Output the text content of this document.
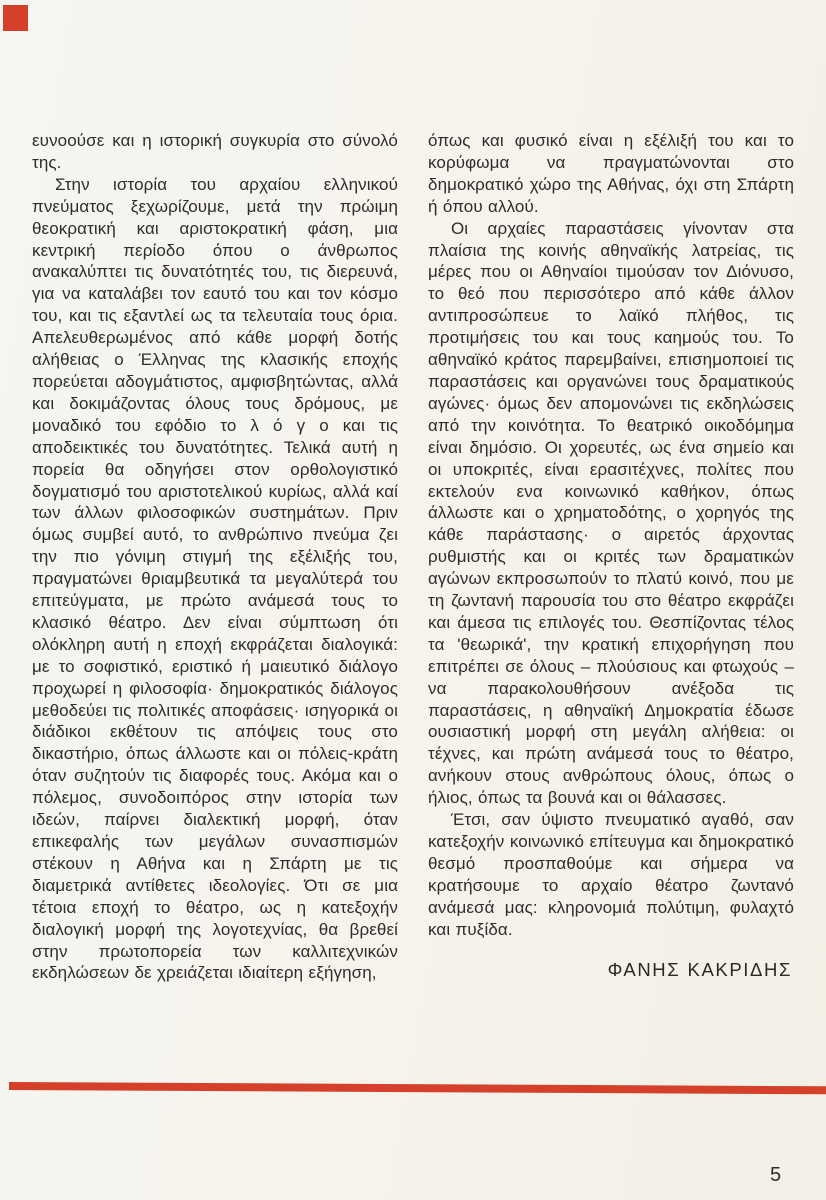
ευνοούσε και η ιστορική συγκυρία στο σύνολό της.

Στην ιστορία του αρχαίου ελληνικού πνεύματος ξεχωρίζουμε, μετά την πρώιμη θεοκρατική και αριστοκρατική φάση, μια κεντρική περίοδο όπου ο άνθρωπος ανακαλύπτει τις δυνατότητές του, τις διερευνά, για να καταλάβει τον εαυτό του και τον κόσμο του, και τις εξαντλεί ως τα τελευταία τους όρια. Απελευθερωμένος από κάθε μορφή δοτής αλήθειας ο Έλληνας της κλασικής εποχής πορεύεται αδογμάτιστος, αμφισβητώντας, αλλά και δοκιμάζοντας όλους τους δρόμους, με μοναδικό του εφόδιο το λ ό γ ο και τις αποδεικτικές του δυνατότητες. Τελικά αυτή η πορεία θα οδηγήσει στον ορθολογιστικό δογματισμό του αριστοτελικού κυρίως, αλλά καί των άλλων φιλοσοφικών συστημάτων. Πριν όμως συμβεί αυτό, το ανθρώπινο πνεύμα ζει την πιο γόνιμη στιγμή της εξέλιξής του, πραγματώνει θριαμβευτικά τα μεγαλύτερά του επιτεύγματα, με πρώτο ανάμεσά τους το κλασικό θέατρο. Δεν είναι σύμπτωση ότι ολόκληρη αυτή η εποχή εκφράζεται διαλογικά: με το σοφιστικό, εριστικό ή μαιευτικό διάλογο προχωρεί η φιλοσοφία· δημοκρατικός διάλογος μεθοδεύει τις πολιτικές αποφάσεις· ισηγορικά οι διάδικοι εκθέτουν τις απόψεις τους στο δικαστήριο, όπως άλλωστε και οι πόλεις-κράτη όταν συζητούν τις διαφορές τους. Ακόμα και ο πόλεμος, συνοδοιπόρος στην ιστορία των ιδεών, παίρνει διαλεκτική μορφή, όταν επικεφαλής των μεγάλων συνασπισμών στέκουν η Αθήνα και η Σπάρτη με τις διαμετρικά αντίθετες ιδεολογίες. Ότι σε μια τέτοια εποχή το θέατρο, ως η κατεξοχήν διαλογική μορφή της λογοτεχνίας, θα βρεθεί στην πρωτοπορεία των καλλιτεχνικών εκδηλώσεων δε χρειάζεται ιδιαίτερη εξήγηση,

όπως και φυσικό είναι η εξέλιξή του και το κορύφωμα να πραγματώνονται στο δημοκρατικό χώρο της Αθήνας, όχι στη Σπάρτη ή όπου αλλού.

Οι αρχαίες παραστάσεις γίνονταν στα πλαίσια της κοινής αθηναϊκής λατρείας, τις μέρες που οι Αθηναίοι τιμούσαν τον Διόνυσο, το θεό που περισσότερο από κάθε άλλον αντιπροσώπευε το λαϊκό πλήθος, τις προτιμήσεις του και τους καημούς του. Το αθηναϊκό κράτος παρεμβαίνει, επισημοποιεί τις παραστάσεις και οργανώνει τους δραματικούς αγώνες· όμως δεν απομονώνει τις εκδηλώσεις από την κοινότητα. Το θεατρικό οικοδόμημα είναι δημόσιο. Οι χορευτές, ως ένα σημείο και οι υποκριτές, είναι ερασιτέχνες, πολίτες που εκτελούν ενα κοινωνικό καθήκον, όπως άλλωστε και ο χρηματοδότης, ο χορηγός της κάθε παράστασης· ο αιρετός άρχοντας ρυθμιστής και οι κριτές των δραματικών αγώνων εκπροσωπούν το πλατύ κοινό, που με τη ζωντανή παρουσία του στο θέατρο εκφράζει και άμεσα τις επιλογές του. Θεσπίζοντας τέλος τα 'θεωρικά', την κρατική επιχορήγηση που επιτρέπει σε όλους – πλούσιους και φτωχούς – να παρακολουθήσουν ανέξοδα τις παραστάσεις, η αθηναϊκή Δημοκρατία έδωσε ουσιαστική μορφή στη μεγάλη αλήθεια: οι τέχνες, και πρώτη ανάμεσά τους το θέατρο, ανήκουν στους ανθρώπους όλους, όπως ο ήλιος, όπως τα βουνά και οι θάλασσες.

Έτσι, σαν ύψιστο πνευματικό αγαθό, σαν κατεξοχήν κοινωνικό επίτευγμα και δημοκρατικό θεσμό προσπαθούμε και σήμερα να κρατήσουμε το αρχαίο θέατρο ζωντανό ανάμεσά μας: κληρονομιά πολύτιμη, φυλαχτό και πυξίδα.

ΦΑΝΗΣ ΚΑΚΡΙΔΗΣ
5
